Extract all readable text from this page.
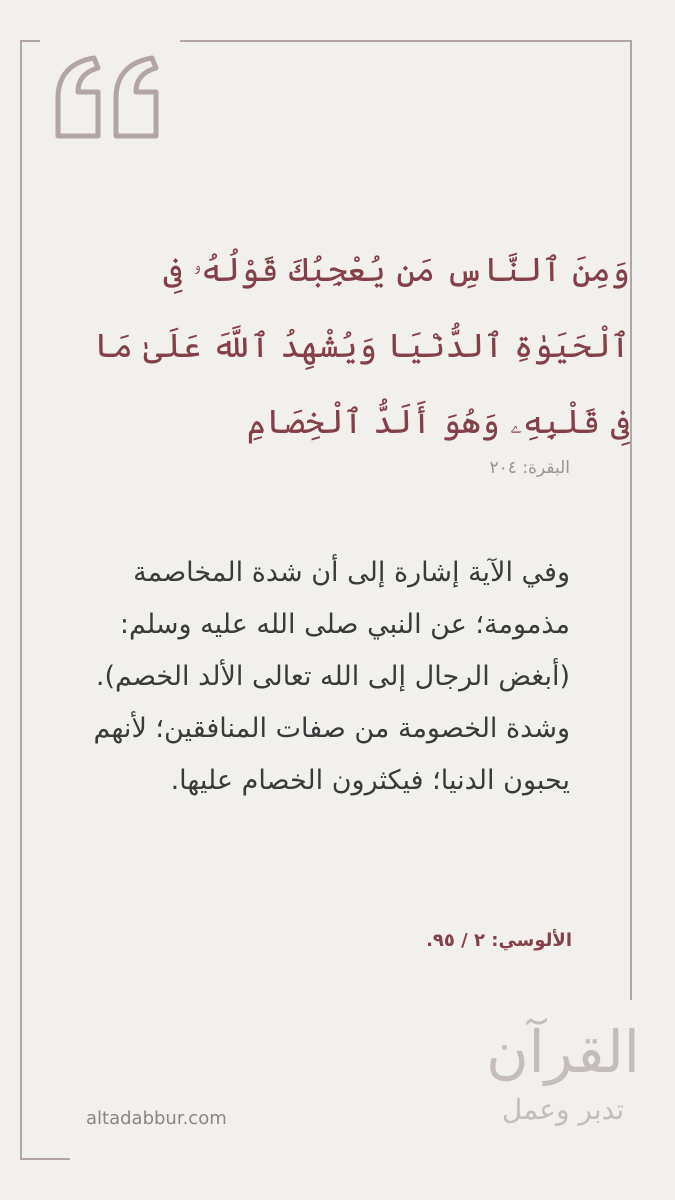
وَمِنَ ٱلنَّاسِ مَن يُعْجِبُكَ قَوْلُهُۥ فِى ٱلْحَيَوٰةِ ٱلدُّنْيَا وَيُشْهِدُ ٱللَّهَ عَلَىٰ مَا فِى قَلْبِهِۦ وَهُوَ أَلَدُّ ٱلْخِصَامِ
البقرة: ٢٠٤
وفي الآية إشارة إلى أن شدة المخاصمة مذمومة؛ عن النبي صلى الله عليه وسلم: (أبغض الرجال إلى الله تعالى الألد الخصم). وشدة الخصومة من صفات المنافقين؛ لأنهم يحبون الدنيا؛ فيكثرون الخصام عليها.
الألوسي: ٢ / ٩٥.
altadabbur.com
القرآن
تدبر وعمل
